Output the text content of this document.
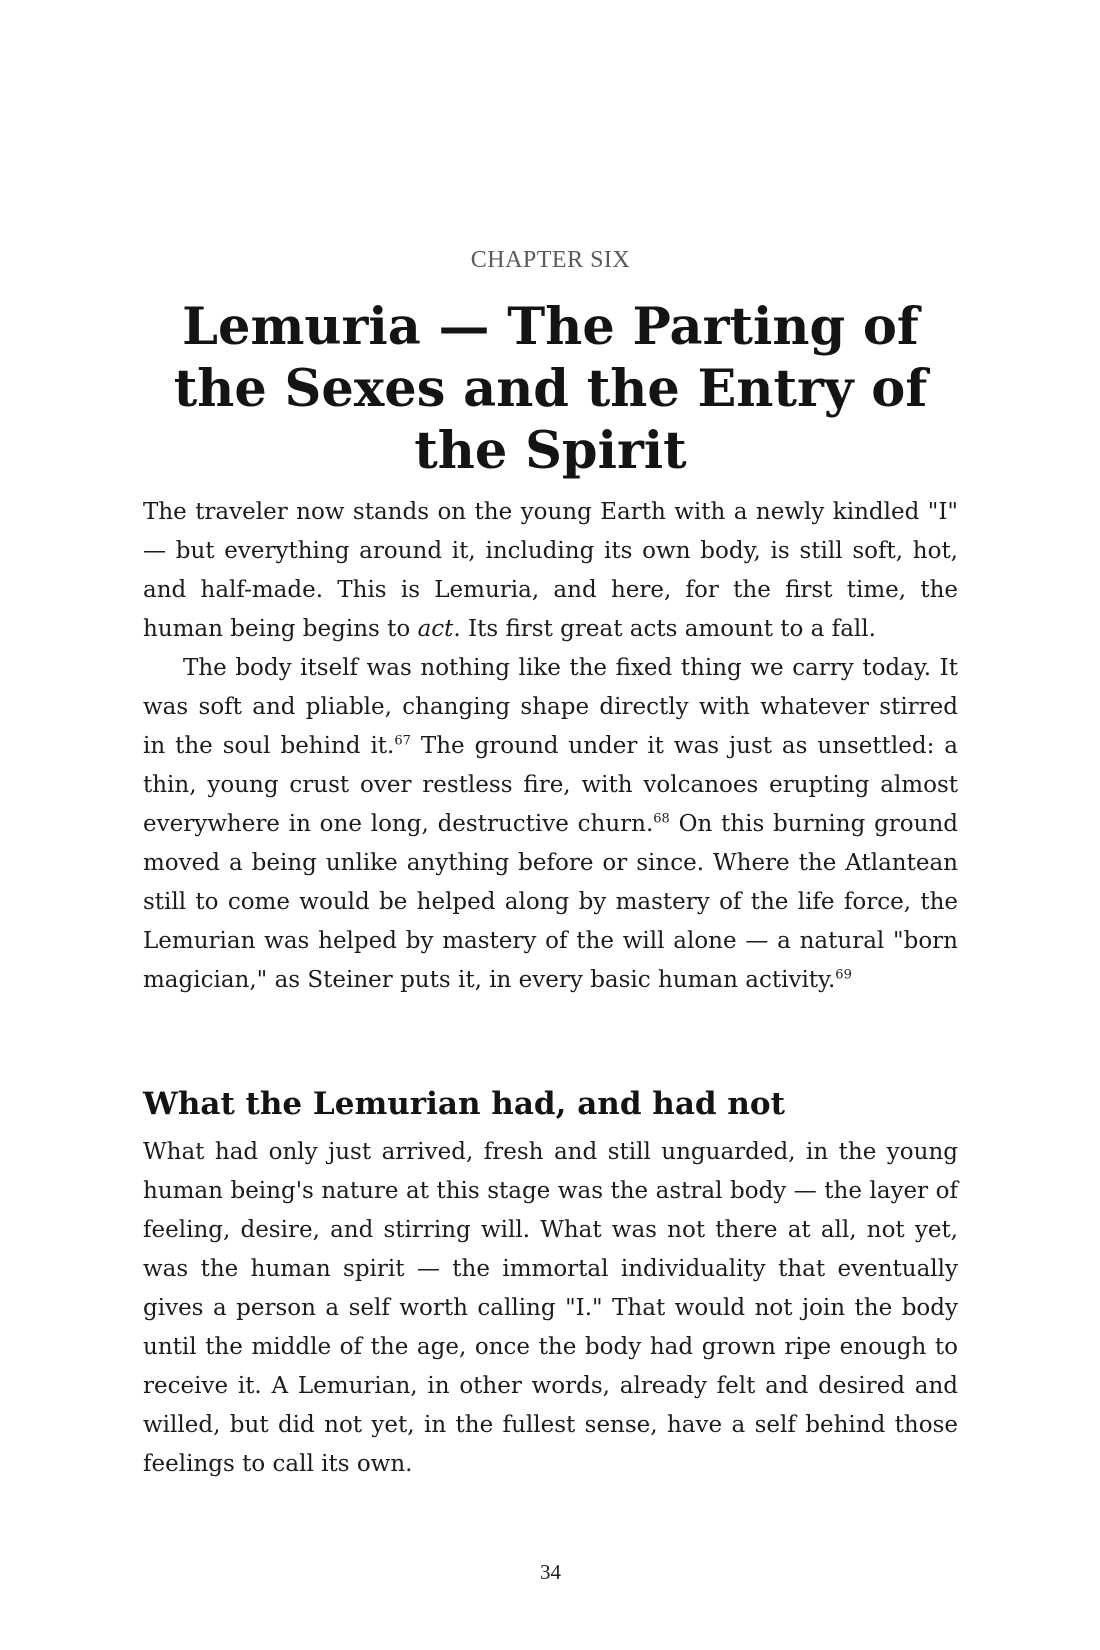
CHAPTER SIX
Lemuria — The Parting of the Sexes and the Entry of the Spirit

The traveler now stands on the young Earth with a newly kindled "I" — but everything around it, including its own body, is still soft, hot, and half-made. This is Lemuria, and here, for the first time, the human being begins to act. Its first great acts amount to a fall.

The body itself was nothing like the fixed thing we carry today. It was soft and pliable, changing shape directly with whatever stirred in the soul behind it.$^{67}$ The ground under it was just as unsettled: a thin, young crust over restless fire, with volcanoes erupting almost everywhere in one long, destructive churn.$^{68}$ On this burning ground moved a being unlike anything before or since. Where the Atlantean still to come would be helped along by mastery of the life force, the Lemurian was helped by mastery of the will alone — a natural "born magician," as Steiner puts it, in every basic human activity.$^{69}$

What the Lemurian had, and had not

What had only just arrived, fresh and still unguarded, in the young human being's nature at this stage was the astral body — the layer of feeling, desire, and stirring will. What was not there at all, not yet, was the human spirit — the immortal individuality that eventually gives a person a self worth calling "I." That would not join the body until the middle of the age, once the body had grown ripe enough to receive it. A Lemurian, in other words, already felt and desired and willed, but did not yet, in the fullest sense, have a self behind those feelings to call its own.

34
